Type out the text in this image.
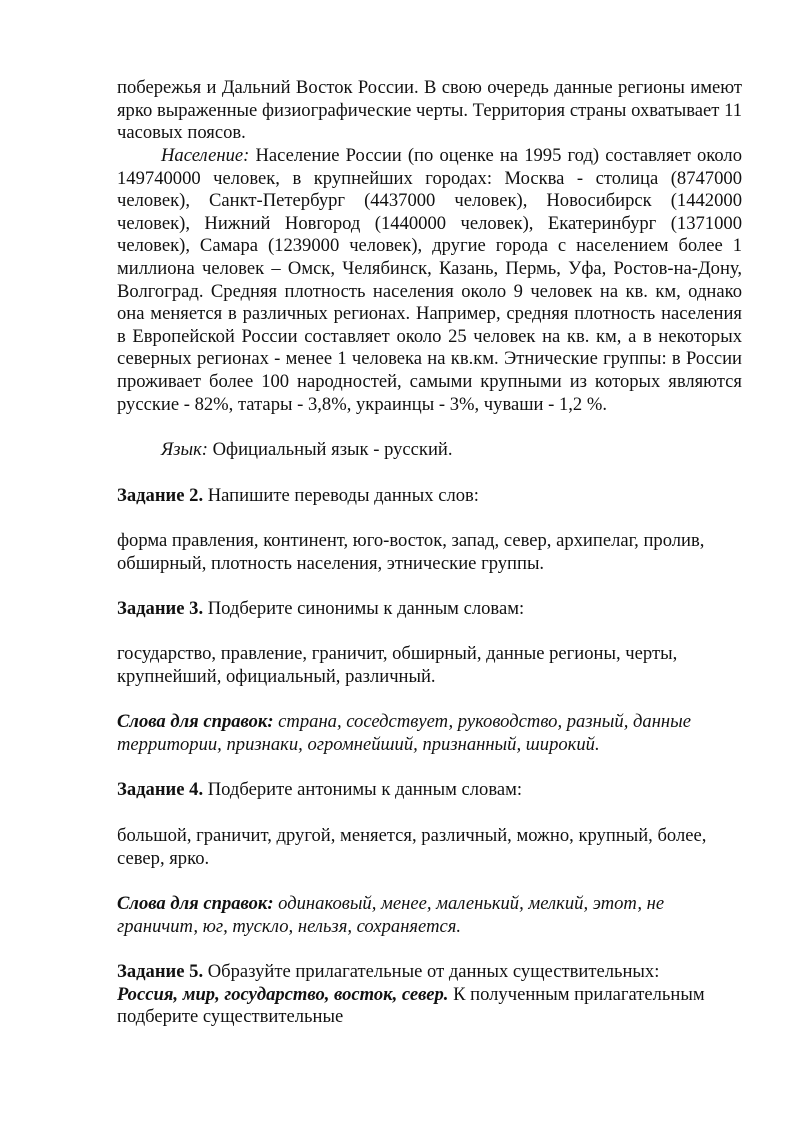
побережья и Дальний Восток России. В свою очередь данные регионы имеют ярко выраженные физиографические черты. Территория страны охватывает 11 часовых поясов.

Население: Население России (по оценке на 1995 год) составляет около 149740000 человек, в крупнейших городах: Москва - столица (8747000 человек), Санкт-Петербург (4437000 человек), Новосибирск (1442000 человек), Нижний Новгород (1440000 человек), Екатеринбург (1371000 человек), Самара (1239000 человек), другие города с населением более 1 миллиона человек – Омск, Челябинск, Казань, Пермь, Уфа, Ростов-на-Дону, Волгоград. Средняя плотность населения около 9 человек на кв. км, однако она меняется в различных регионах. Например, средняя плотность населения в Европейской России составляет около 25 человек на кв. км, а в некоторых северных регионах - менее 1 человека на кв.км. Этнические группы: в России проживает более 100 народностей, самыми крупными из которых являются русские - 82%, татары - 3,8%, украинцы - 3%, чуваши - 1,2 %.

Язык: Официальный язык - русский.

Задание 2. Напишите переводы данных слов:

форма правления, континент, юго-восток, запад, север, архипелаг, пролив, обширный, плотность населения, этнические группы.

Задание 3. Подберите синонимы к данным словам:

государство, правление, граничит, обширный, данные регионы, черты, крупнейший, официальный, различный.

Слова для справок: страна, соседствует, руководство, разный, данные территории, признаки, огромнейший, признанный, широкий.

Задание 4. Подберите антонимы к данным словам:

большой, граничит, другой, меняется, различный, можно, крупный, более, север, ярко.

Слова для справок: одинаковый, менее, маленький, мелкий, этот, не граничит, юг, тускло, нельзя, сохраняется.

Задание 5. Образуйте прилагательные от данных существительных:
Россия, мир, государство, восток, север. К полученным прилагательным подберите существительные
